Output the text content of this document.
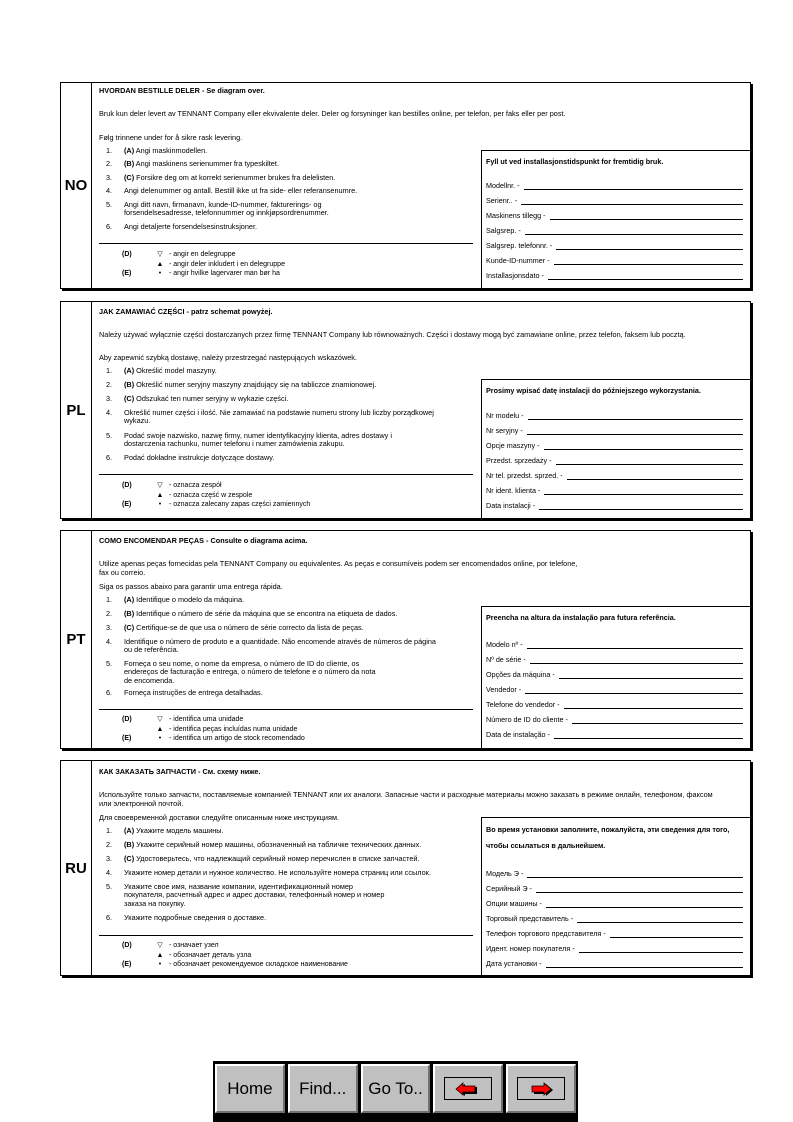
NO
HVORDAN BESTILLE DELER - Se diagram over.
Bruk kun deler levert av TENNANT Company eller ekvivalente deler. Deler og forsyninger kan bestilles online, per telefon, per faks eller per post.
Følg trinnene under for å sikre rask levering.
1.	(A) Angi maskinmodellen.
2.	(B) Angi maskinens serienummer fra typeskiltet.
3.	(C) Forsikre deg om at korrekt serienummer brukes fra delelisten.
4.	Angi delenummer og antall. Bestill ikke ut fra side- eller referansenumre.
5.	Angi ditt navn, firmanavn, kunde-ID-nummer, fakturerings- og forsendelsesadresse, telefonnummer og innkjøpsordrenummer.
6.	Angi detaljerte forsendelsesinstruksjoner.
(D)	▽ - angir en delegruppe
▲ - angir deler inkludert i en delegruppe
(E)	•	- angir hvilke lagervarer man bør ha
Fyll ut ved installasjonstidspunkt for fremtidig bruk.
Modellnr. -
Serienr.. -
Maskinens tillegg -
Salgsrep. -
Salgsrep. telefonnr. -
Kunde-ID-nummer -
Installasjonsdato -
PL
JAK ZAMAWIAĆ CZĘŚCI - patrz schemat powyżej.
Należy używać wyłącznie części dostarczanych przez firmę TENNANT Company lub równoważnych. Części i dostawy mogą być zamawiane online, przez telefon, faksem lub pocztą.
Aby zapewnić szybką dostawę, należy przestrzegać następujących wskazówek.
1.	(A) Określić model maszyny.
2.	(B) Określić numer seryjny maszyny znajdujący się na tabliczce znamionowej.
3.	(C) Odszukać ten numer seryjny w wykazie części.
4.	Określić numer części i ilość. Nie zamawiać na podstawie numeru strony lub liczby porządkowej wykazu.
5.	Podać swoje nazwisko, nazwę firmy, numer identyfikacyjny klienta, adres dostawy i dostarczenia rachunku, numer telefonu i numer zamówienia zakupu.
6.	Podać dokładne instrukcje dotyczące dostawy.
(D)	▽ - oznacza zespół
▲ - oznacza część w zespole
(E)	•	- oznacza zalecany zapas części zamiennych
Prosimy wpisać datę instalacji do późniejszego wykorzystania.
Nr modelu -
Nr seryjny -
Opcje maszyny -
Przedst. sprzedaży -
Nr tel. przedst. sprzed. -
Nr ident. klienta -
Data instalacji -
PT
COMO ENCOMENDAR PEÇAS - Consulte o diagrama acima.
Utilize apenas peças fornecidas pela TENNANT Company ou equivalentes. As peças e consumíveis podem ser encomendados online, por telefone, fax ou correio.
Siga os passos abaixo para garantir uma entrega rápida.
1.	(A) Identifique o modelo da máquina.
2.	(B) Identifique o número de série da máquina que se encontra na etiqueta de dados.
3.	(C) Certifique-se de que usa o número de série correcto da lista de peças.
4.	Identifique o número de produto e a quantidade. Não encomende através de números de página ou de referência.
5.	Forneça o seu nome, o nome da empresa, o número de ID do cliente, os endereços de facturação e entrega, o número de telefone e o número da nota de encomenda.
6.	Forneça instruções de entrega detalhadas.
(D)	▽ - identifica uma unidade
▲ - identifica peças incluídas numa unidade
(E)	•	- identifica um artigo de stock recomendado
Preencha na altura da instalação para futura referência.
Modelo nº -
Nº de série -
Opções da máquina -
Vendedor -
Telefone do vendedor -
Número de ID do cliente -
Data de instalação -
RU
КАК ЗАКАЗАТЬ ЗАПЧАСТИ - См. схему ниже.
Используйте только запчасти, поставляемые компанией TENNANT или их аналоги. Запасные части и расходные материалы можно заказать в режиме онлайн, телефоном, факсом или электронной почтой.
Для своевременной доставки следуйте описанным ниже инструкциям.
1.	(A) Укажите модель машины.
2.	(B) Укажите серийный номер машины, обозначенный на табличке технических данных.
3.	(C) Удостоверьтесь, что надлежащий серийный номер перечислен в списке запчастей.
4.	Укажите номер детали и нужное количество. Не используйте номера страниц или ссылок.
5.	Укажите свое имя, название компании, идентификационный номер покупателя, расчетный адрес и адрес доставки, телефонный номер и номер заказа на покупку.
6.	Укажите подробные сведения о доставке.
(D)	▽ - означает узел
▲ - обозначает деталь узла
(E)	•	- обозначает рекомендуемое складское наименование
Во время установки заполните, пожалуйста, эти сведения для того, чтобы ссылаться в дальнейшем.
Модель Э -
Серийный Э -
Опции машины -
Торговый представитель -
Телефон торгового представителя -
Идент. номер покупателя -
Дата установки -
Home	Find...	Go To..
